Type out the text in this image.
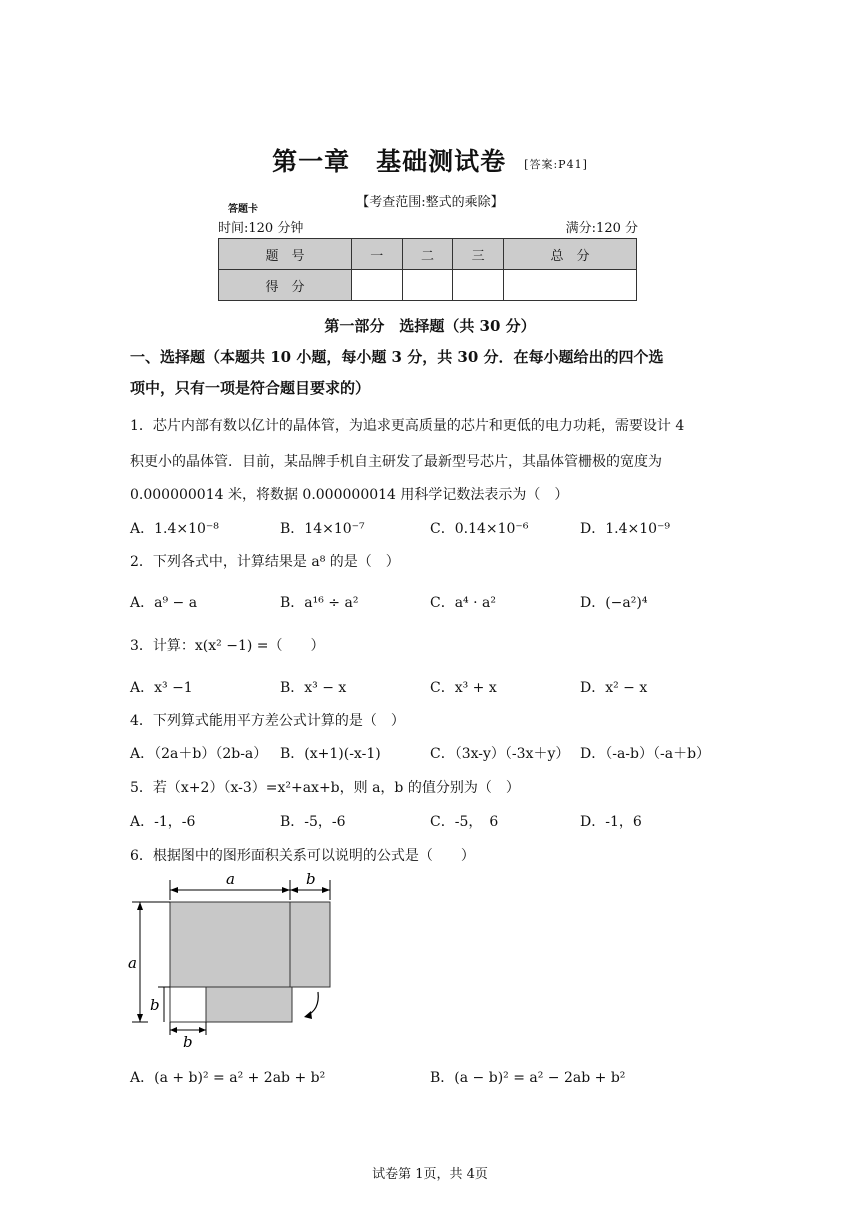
第一章 基础测试卷 [答案:P41]
【考查范围:整式的乘除】
答题卡
时间:120 分钟	满分:120 分
题　号	一	二	三	总　分
得　分				
第一部分　选择题（共 30 分）
一、选择题（本题共 10 小题，每小题 3 分，共 30 分．在每小题给出的四个选
项中，只有一项是符合题目要求的）
1．芯片内部有数以亿计的晶体管，为追求更高质量的芯片和更低的电力功耗，需要设计 4
积更小的晶体管．目前，某品牌手机自主研发了最新型号芯片，其晶体管栅极的宽度为
0.000000014 米，将数据 0.000000014 用科学记数法表示为（　）
A．1.4×10⁻⁸	B．14×10⁻⁷	C．0.14×10⁻⁶	D．1.4×10⁻⁹
2．下列各式中，计算结果是 a⁸ 的是（　）
A．a⁹ − a	B．a¹⁶ ÷ a²	C．a⁴ · a²	D．(−a²)⁴
3．计算：x(x² −1) =（　　）
A．x³ −1	B．x³ − x	C．x³ + x	D．x² − x
4．下列算式能用平方差公式计算的是（　）
A．（2a＋b）（2b-a） B．(x+1)(-x-1)	C．（3x-y）（-3x＋y） D．（-a-b）（-a＋b）
5．若（x+2）（x-3）=x²+ax+b，则 a，b 的值分别为（　）
A．-1，-6	B．-5，-6	C．-5，　6	D．-1，6
6．根据图中的图形面积关系可以说明的公式是（　　）
a	b
a
b
b
A．(a + b)² = a² + 2ab + b²	B．(a − b)² = a² − 2ab + b²
试卷第 1页，共 4页
